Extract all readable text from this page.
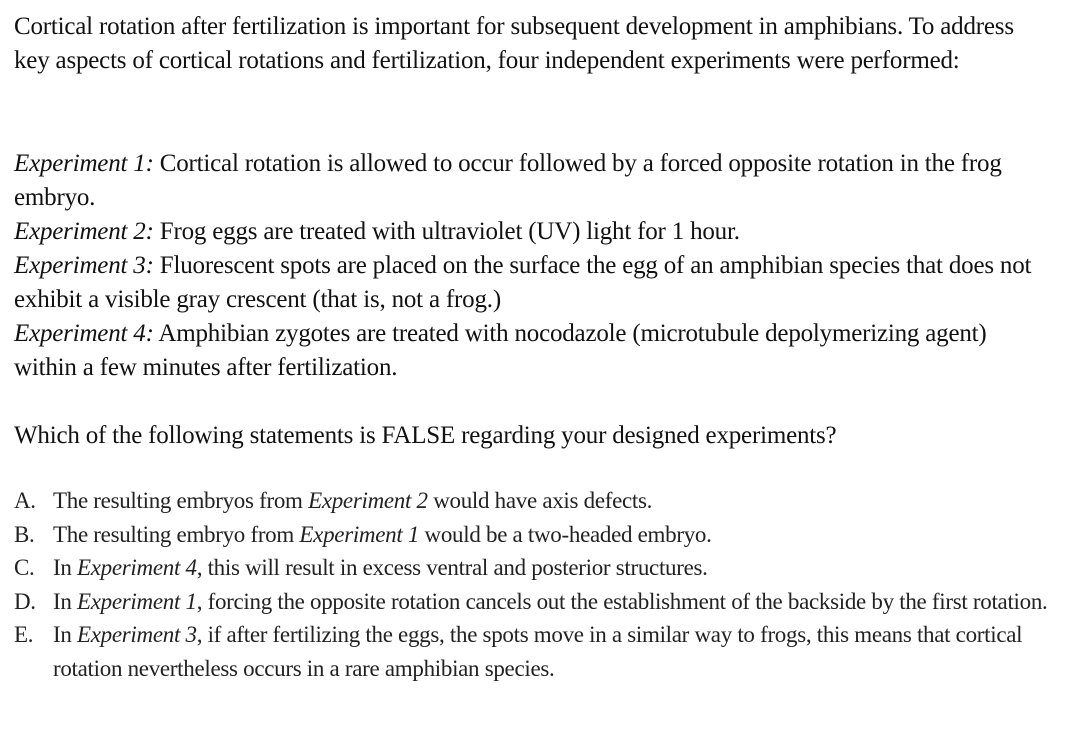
Cortical rotation after fertilization is important for subsequent development in amphibians. To address key aspects of cortical rotations and fertilization, four independent experiments were performed:
Experiment 1: Cortical rotation is allowed to occur followed by a forced opposite rotation in the frog embryo.
Experiment 2: Frog eggs are treated with ultraviolet (UV) light for 1 hour.
Experiment 3: Fluorescent spots are placed on the surface the egg of an amphibian species that does not exhibit a visible gray crescent (that is, not a frog.)
Experiment 4: Amphibian zygotes are treated with nocodazole (microtubule depolymerizing agent) within a few minutes after fertilization.
Which of the following statements is FALSE regarding your designed experiments?
A. The resulting embryos from Experiment 2 would have axis defects.
B. The resulting embryo from Experiment 1 would be a two-headed embryo.
C. In Experiment 4, this will result in excess ventral and posterior structures.
D. In Experiment 1, forcing the opposite rotation cancels out the establishment of the backside by the first rotation.
E. In Experiment 3, if after fertilizing the eggs, the spots move in a similar way to frogs, this means that cortical rotation nevertheless occurs in a rare amphibian species.
